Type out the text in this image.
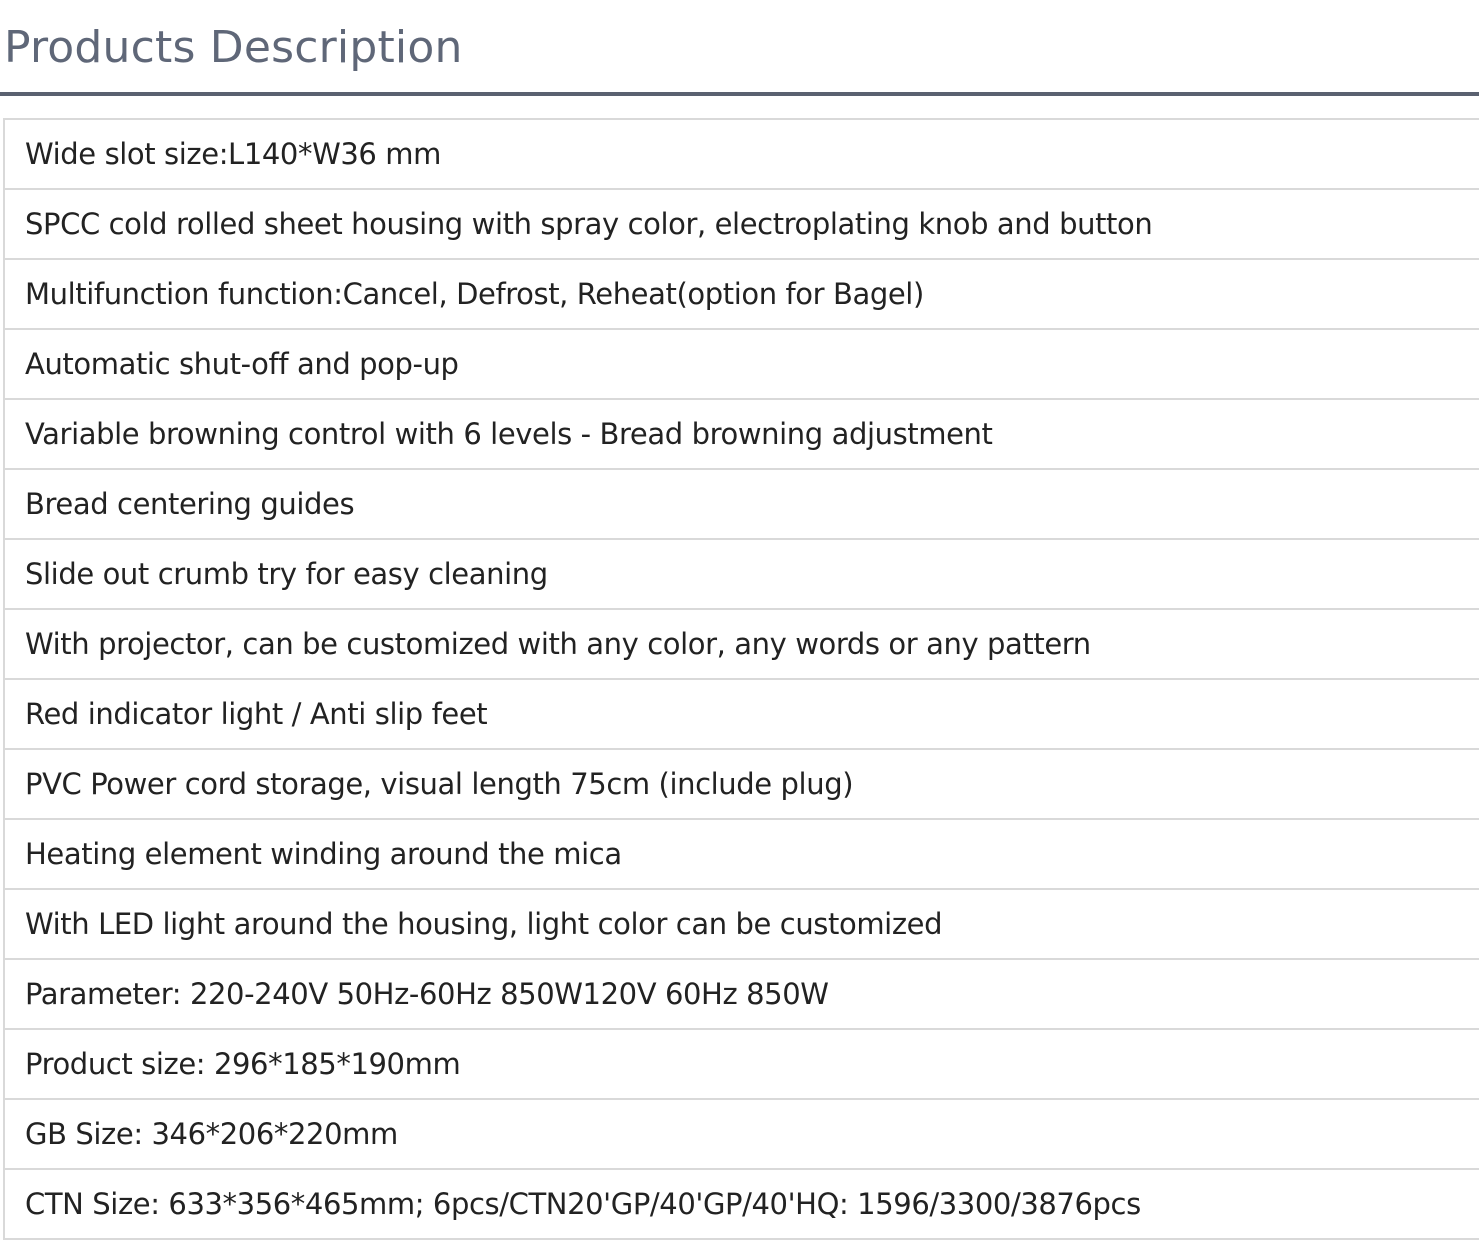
Products Description
Wide slot size:L140*W36 mm
SPCC cold rolled sheet housing with spray color, electroplating knob and button
Multifunction function:Cancel, Defrost, Reheat(option for Bagel)
Automatic shut-off and pop-up
Variable browning control with 6 levels - Bread browning adjustment
Bread centering guides
Slide out crumb try for easy cleaning
With projector, can be customized with any color, any words or any pattern
Red indicator light / Anti slip feet
PVC Power cord storage, visual length 75cm (include plug)
Heating element winding around the mica
With LED light around the housing, light color can be customized
Parameter: 220-240V 50Hz-60Hz 850W120V 60Hz 850W
Product size: 296*185*190mm
GB Size: 346*206*220mm
CTN Size: 633*356*465mm; 6pcs/CTN20'GP/40'GP/40'HQ: 1596/3300/3876pcs
